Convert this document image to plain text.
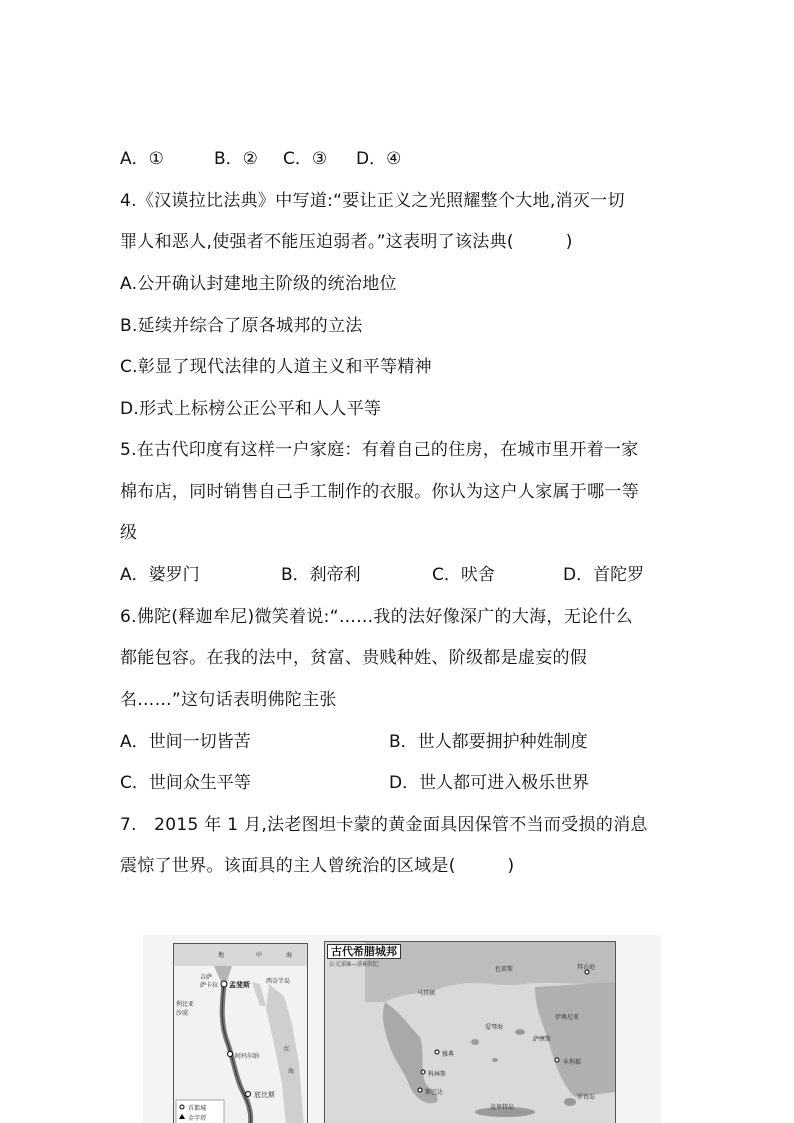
A．①	B．② C．③ D．④
4.《汉谟拉比法典》中写道:“要让正义之光照耀整个大地,消灭一切
罪人和恶人,使强者不能压迫弱者。”这表明了该法典(　　　)
A.公开确认封建地主阶级的统治地位
B.延续并综合了原各城邦的立法
C.彰显了现代法律的人道主义和平等精神
D.形式上标榜公正公平和人人平等
5.在古代印度有这样一户家庭：有着自己的住房，在城市里开着一家
棉布店，同时销售自己手工制作的衣服。你认为这户人家属于哪一等
级
A．婆罗门	B．刹帝利	C．吠舍	D．首陀罗
6.佛陀(释迦牟尼)微笑着说:“……我的法好像深广的大海，无论什么
都能包容。在我的法中，贫富、贵贱种姓、阶级都是虚妄的假
名……”这句话表明佛陀主张
A．世间一切皆苦	B．世人都要拥护种姓制度
C．世间众生平等	D．世人都可进入极乐世界
7.　2015 年 1 月,法老图坦卡蒙的黄金面具因保管不当而受损的消息
震惊了世界。该面具的主人曾统治的区域是(　　　)
地	中	海
吉萨
萨卡拉 孟斐斯	西奈半岛
利比亚沙漠
阿玛尔纳
底比斯
红
海
首都城
金字塔
古代希腊城邦
公元前8—前6世纪
色雷斯
马其顿
萨摩斯
拜占庭
米利都
斯巴达
雅典
科林斯
爱琴海
罗得岛
伊奥尼亚
克里特岛
